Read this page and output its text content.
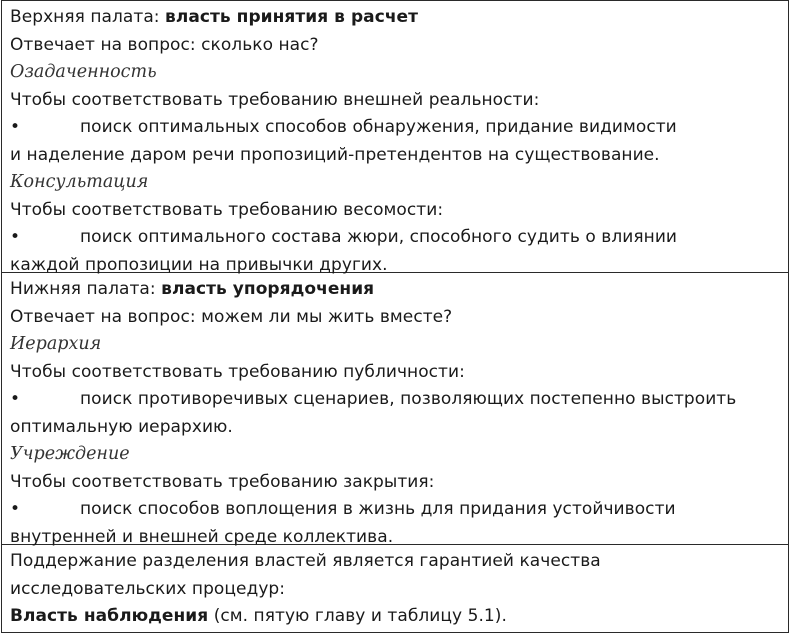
Верхняя палата: власть принятия в расчет
Отвечает на вопрос: сколько нас?
Озадаченность
Чтобы соответствовать требованию внешней реальности:
•	поиск оптимальных способов обнаружения, придание видимости
и наделение даром речи пропозиций-претендентов на существование.
Консультация
Чтобы соответствовать требованию весомости:
•	поиск оптимального состава жюри, способного судить о влиянии
каждой пропозиции на привычки других.
Нижняя палата: власть упорядочения
Отвечает на вопрос: можем ли мы жить вместе?
Иерархия
Чтобы соответствовать требованию публичности:
•	поиск противоречивых сценариев, позволяющих постепенно выстроить
оптимальную иерархию.
Учреждение
Чтобы соответствовать требованию закрытия:
•	поиск способов воплощения в жизнь для придания устойчивости
внутренней и внешней среде коллектива.
Поддержание разделения властей является гарантией качества
исследовательских процедур:
Власть наблюдения (см. пятую главу и таблицу 5.1).
